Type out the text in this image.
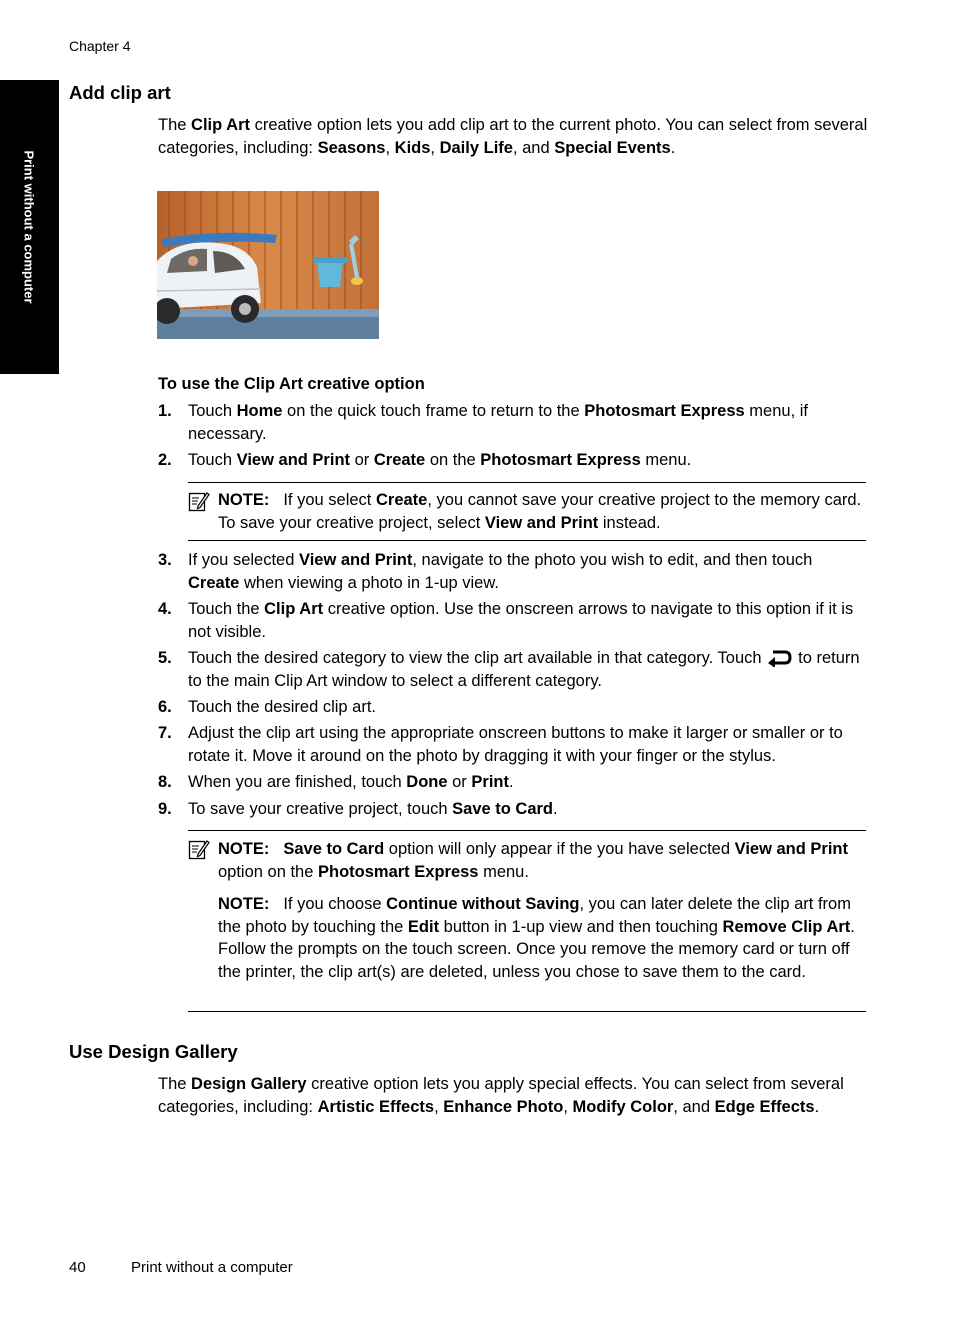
Chapter 4
Print without a computer
Add clip art
The Clip Art creative option lets you add clip art to the current photo. You can select from several categories, including: Seasons, Kids, Daily Life, and Special Events.
To use the Clip Art creative option
1. Touch Home on the quick touch frame to return to the Photosmart Express menu, if necessary.
2. Touch View and Print or Create on the Photosmart Express menu.
NOTE: If you select Create, you cannot save your creative project to the memory card. To save your creative project, select View and Print instead.
3. If you selected View and Print, navigate to the photo you wish to edit, and then touch Create when viewing a photo in 1-up view.
4. Touch the Clip Art creative option. Use the onscreen arrows to navigate to this option if it is not visible.
5. Touch the desired category to view the clip art available in that category. Touch to return to the main Clip Art window to select a different category.
6. Touch the desired clip art.
7. Adjust the clip art using the appropriate onscreen buttons to make it larger or smaller or to rotate it. Move it around on the photo by dragging it with your finger or the stylus.
8. When you are finished, touch Done or Print.
9. To save your creative project, touch Save to Card.
NOTE: Save to Card option will only appear if the you have selected View and Print option on the Photosmart Express menu.
NOTE: If you choose Continue without Saving, you can later delete the clip art from the photo by touching the Edit button in 1-up view and then touching Remove Clip Art. Follow the prompts on the touch screen. Once you remove the memory card or turn off the printer, the clip art(s) are deleted, unless you chose to save them to the card.
Use Design Gallery
The Design Gallery creative option lets you apply special effects. You can select from several categories, including: Artistic Effects, Enhance Photo, Modify Color, and Edge Effects.
40	Print without a computer
